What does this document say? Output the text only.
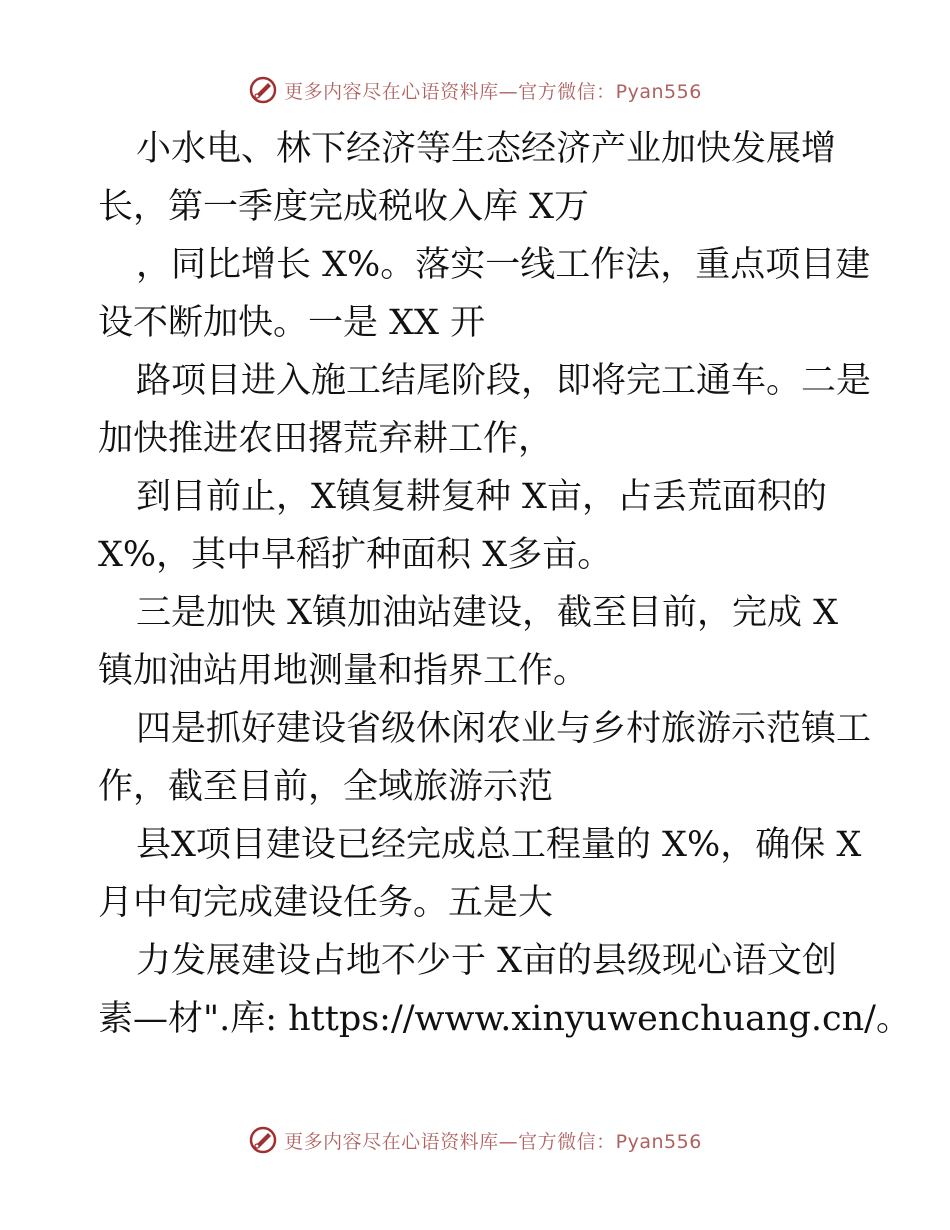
更多内容尽在心语资料库—官方微信：Pyan556

小水电、林下经济等生态经济产业加快发展增
长，第一季度完成税收入库 X万

，同比增长 X%。落实一线工作法，重点项目建
设不断加快。一是 XX 开

路项目进入施工结尾阶段，即将完工通车。二是
加快推进农田撂荒弃耕工作，

到目前止，X镇复耕复种 X亩，占丢荒面积的
X%，其中早稻扩种面积 X多亩。

三是加快 X镇加油站建设，截至目前，完成 X
镇加油站用地测量和指界工作。

四是抓好建设省级休闲农业与乡村旅游示范镇工
作，截至目前，全域旅游示范

县X项目建设已经完成总工程量的 X%，确保 X
月中旬完成建设任务。五是大

力发展建设占地不少于 X亩的县级现心语文创
素—材".库: https://www.xinyuwenchuang.cn/。

更多内容尽在心语资料库—官方微信：Pyan556
